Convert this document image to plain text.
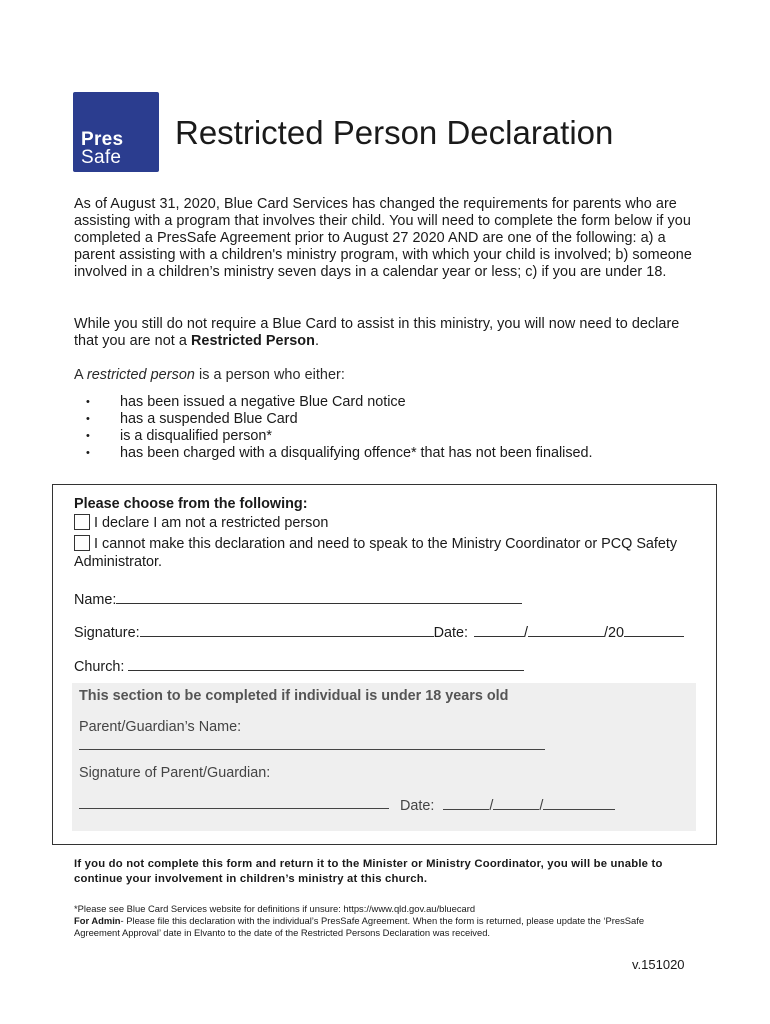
Pres
Safe
Restricted Person Declaration

As of August 31, 2020, Blue Card Services has changed the requirements for parents who are assisting with a program that involves their child. You will need to complete the form below if you completed a PresSafe Agreement prior to August 27 2020 AND are one of the following: a) a parent assisting with a children's ministry program, with which your child is involved; b) someone involved in a children’s ministry seven days in a calendar year or less; c) if you are under 18.

While you still do not require a Blue Card to assist in this ministry, you will now need to declare that you are not a Restricted Person.

A restricted person is a person who either:

• has been issued a negative Blue Card notice
• has a suspended Blue Card
• is a disqualified person*
• has been charged with a disqualifying offence* that has not been finalised.

Please choose from the following:

I declare I am not a restricted person
I cannot make this declaration and need to speak to the Ministry Coordinator or PCQ Safety Administrator.
Name:
Signature:	Date:	/	/20
Church:

This section to be completed if individual is under 18 years old

Parent/Guardian’s Name:
Signature of Parent/Guardian:
Date:	/	/

If you do not complete this form and return it to the Minister or Ministry Coordinator, you will be unable to continue your involvement in children’s ministry at this church.

*Please see Blue Card Services website for definitions if unsure: https://www.qld.gov.au/bluecard
For Admin- Please file this declaration with the individual’s PresSafe Agreement. When the form is returned, please update the ‘PresSafe Agreement Approval’ date in Elvanto to the date of the Restricted Persons Declaration was received.

v.151020
